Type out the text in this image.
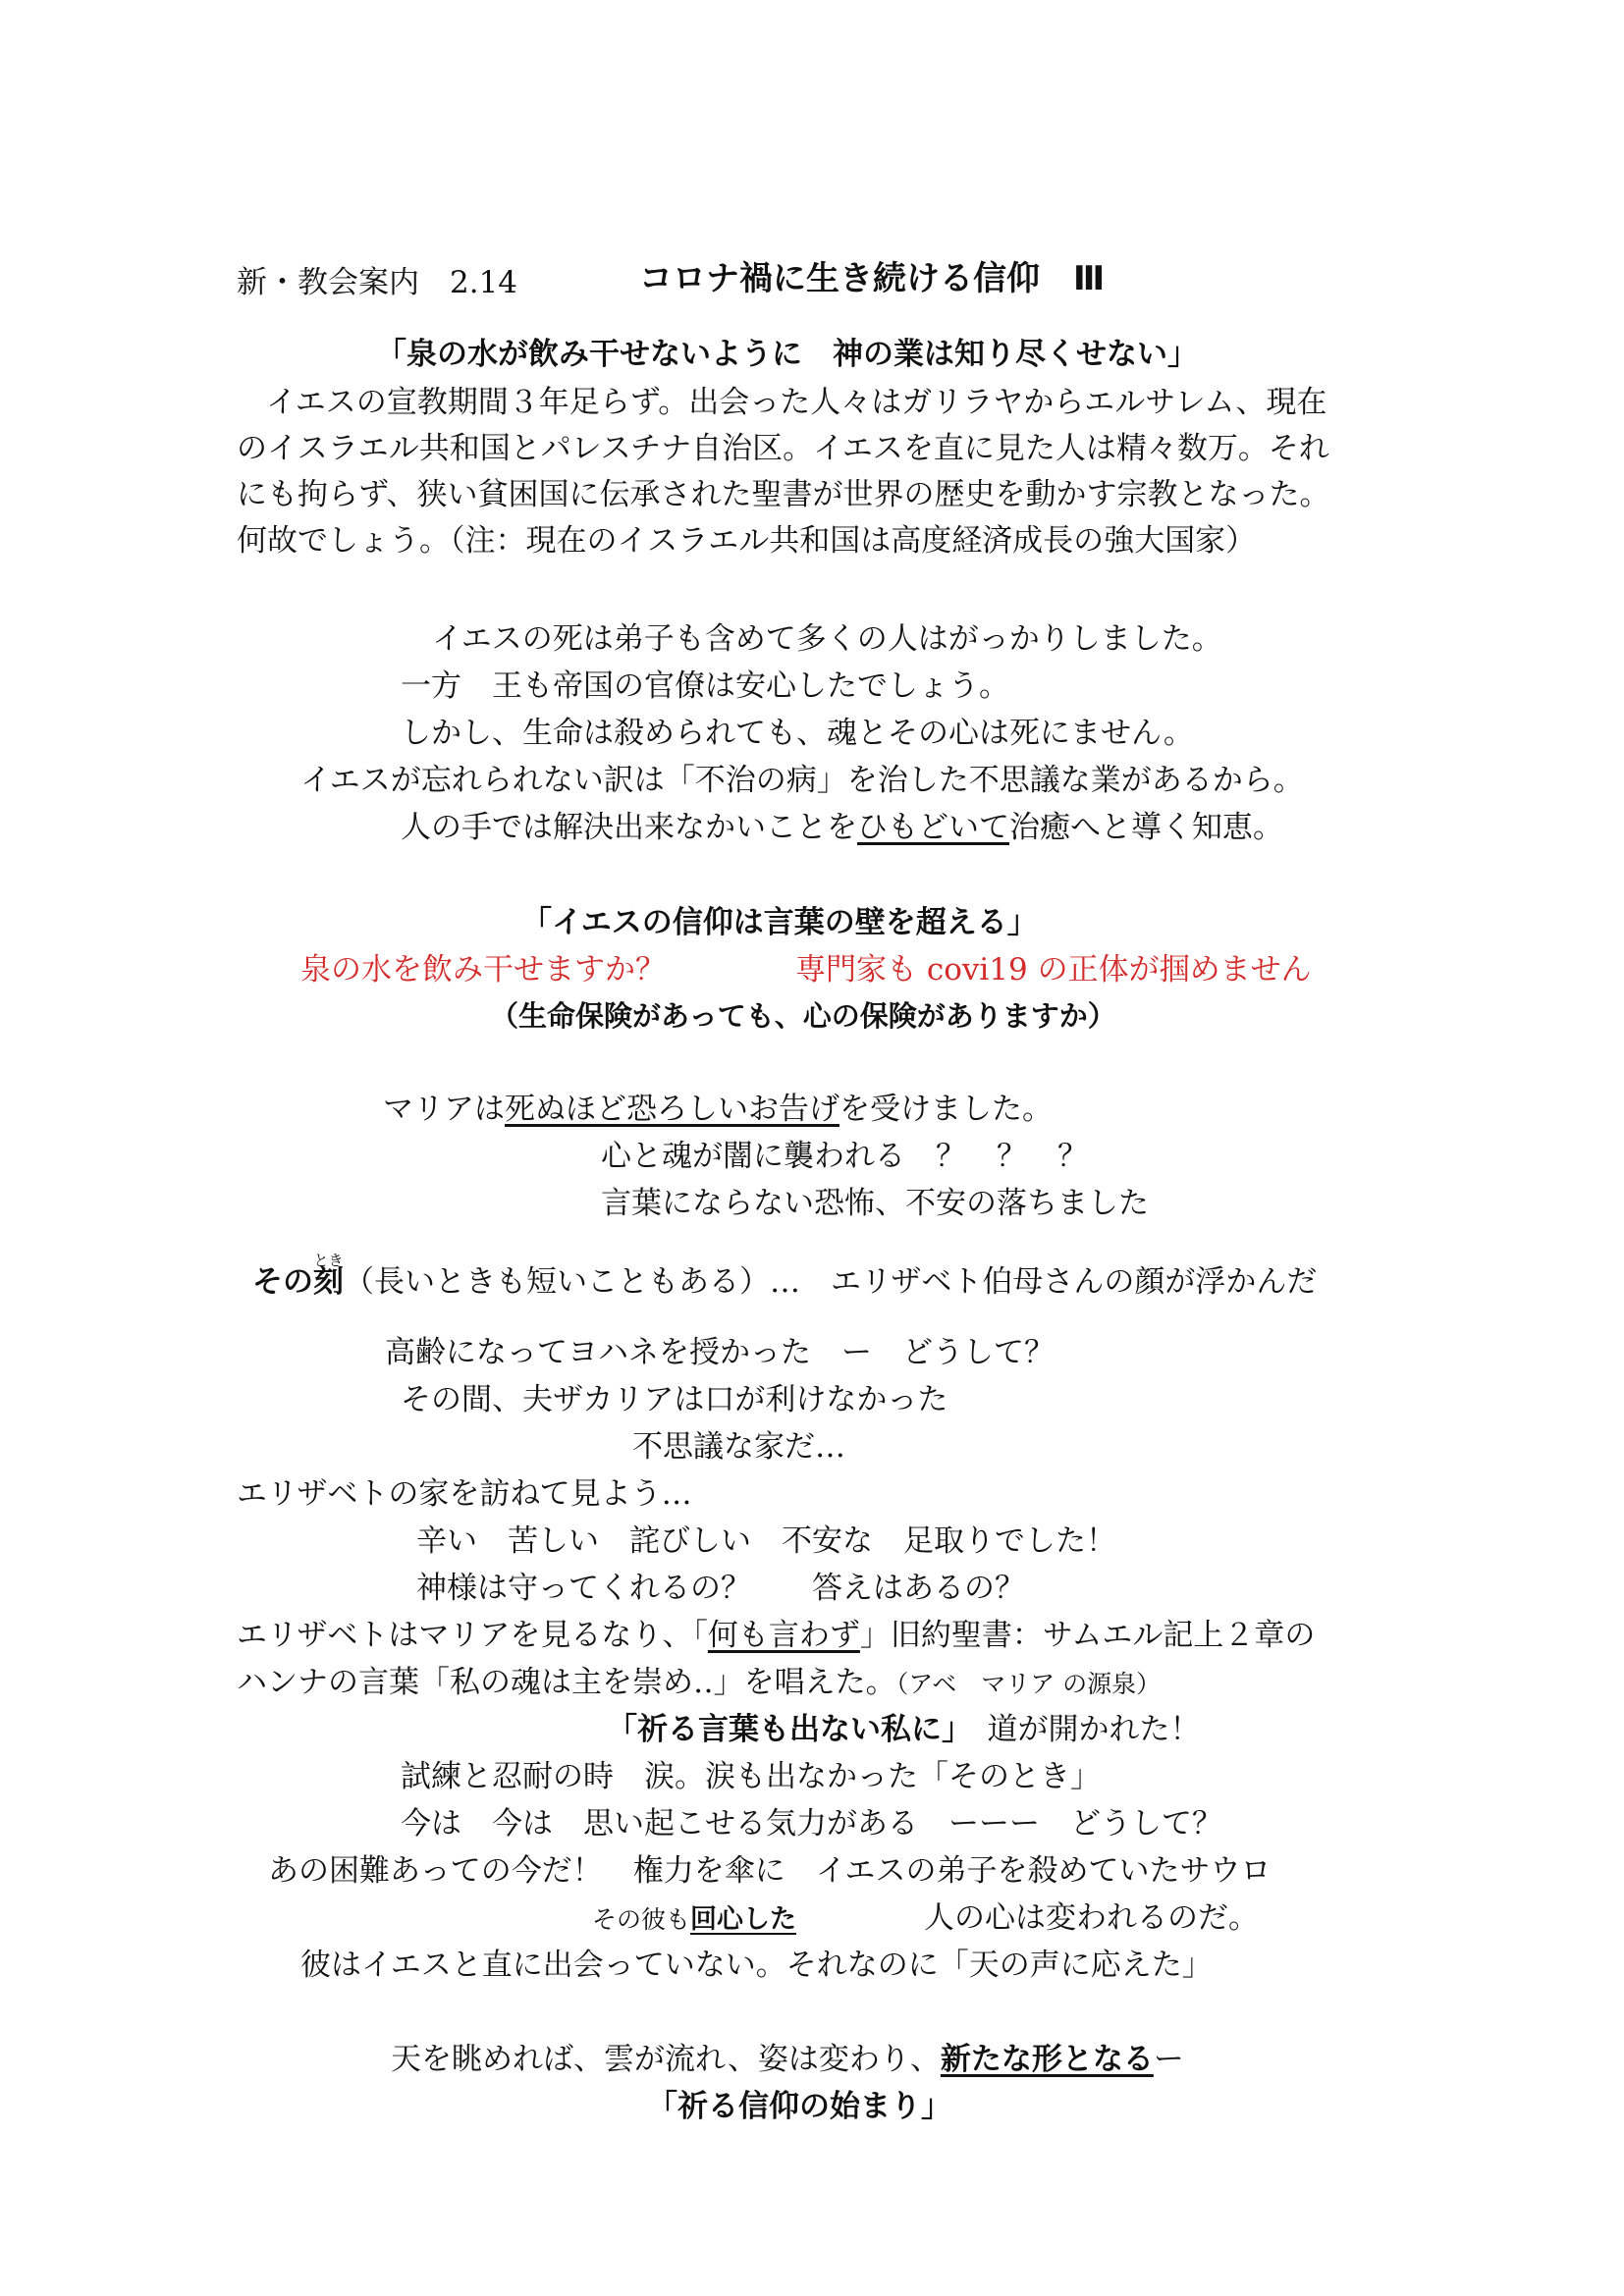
新・教会案内　2.14	コロナ禍に生き続ける信仰　Ⅲ
「泉の水が飲み干せないように　神の業は知り尽くせない」
イエスの宣教期間３年足らず。出会った人々はガリラヤからエルサレム、現在
のイスラエル共和国とパレスチナ自治区。イエスを直に見た人は精々数万。それ
にも拘らず、狭い貧困国に伝承された聖書が世界の歴史を動かす宗教となった。
何故でしょう。（注：現在のイスラエル共和国は高度経済成長の強大国家）
イエスの死は弟子も含めて多くの人はがっかりしました。
一方　王も帝国の官僚は安心したでしょう。
しかし、生命は殺められても、魂とその心は死にません。
イエスが忘れられない訳は「不治の病」を治した不思議な業があるから。
人の手では解決出来なかいことをひもどいて治癒へと導く知恵。
「イエスの信仰は言葉の壁を超える」
泉の水を飲み干せますか？	専門家も covi19 の正体が掴めません
（生命保険があっても、心の保険がありますか）
マリアは死ぬほど恐ろしいお告げを受けました。
心と魂が闇に襲われる　？　？　？
言葉にならない恐怖、不安の落ちました
その刻
とき
（長いときも短いこともある）…　エリザベト伯母さんの顔が浮かんだ
高齢になってヨハネを授かった　ー　どうして？
その間、夫ザカリアは口が利けなかった
不思議な家だ…
エリザベトの家を訪ねて見よう…
辛い　苦しい　詫びしい　不安な　足取りでした！
神様は守ってくれるの？　　答えはあるの？
エリザベトはマリアを見るなり、「何も言わず」旧約聖書：サムエル記上２章の
ハンナの言葉「私の魂は主を崇め‥」を唱えた。（アベ　マリア の源泉）
「祈る言葉も出ない私に」　道が開かれた！
試練と忍耐の時　涙。涙も出なかった「そのとき」
今は　今は　思い起こせる気力がある　ーーー　どうして？
あの困難あっての今だ！　権力を傘に　イエスの弟子を殺めていたサウロ
その彼も回心した	人の心は変われるのだ。
彼はイエスと直に出会っていない。それなのに「天の声に応えた」
天を眺めれば、雲が流れ、姿は変わり、新たな形となるー
「祈る信仰の始まり」
